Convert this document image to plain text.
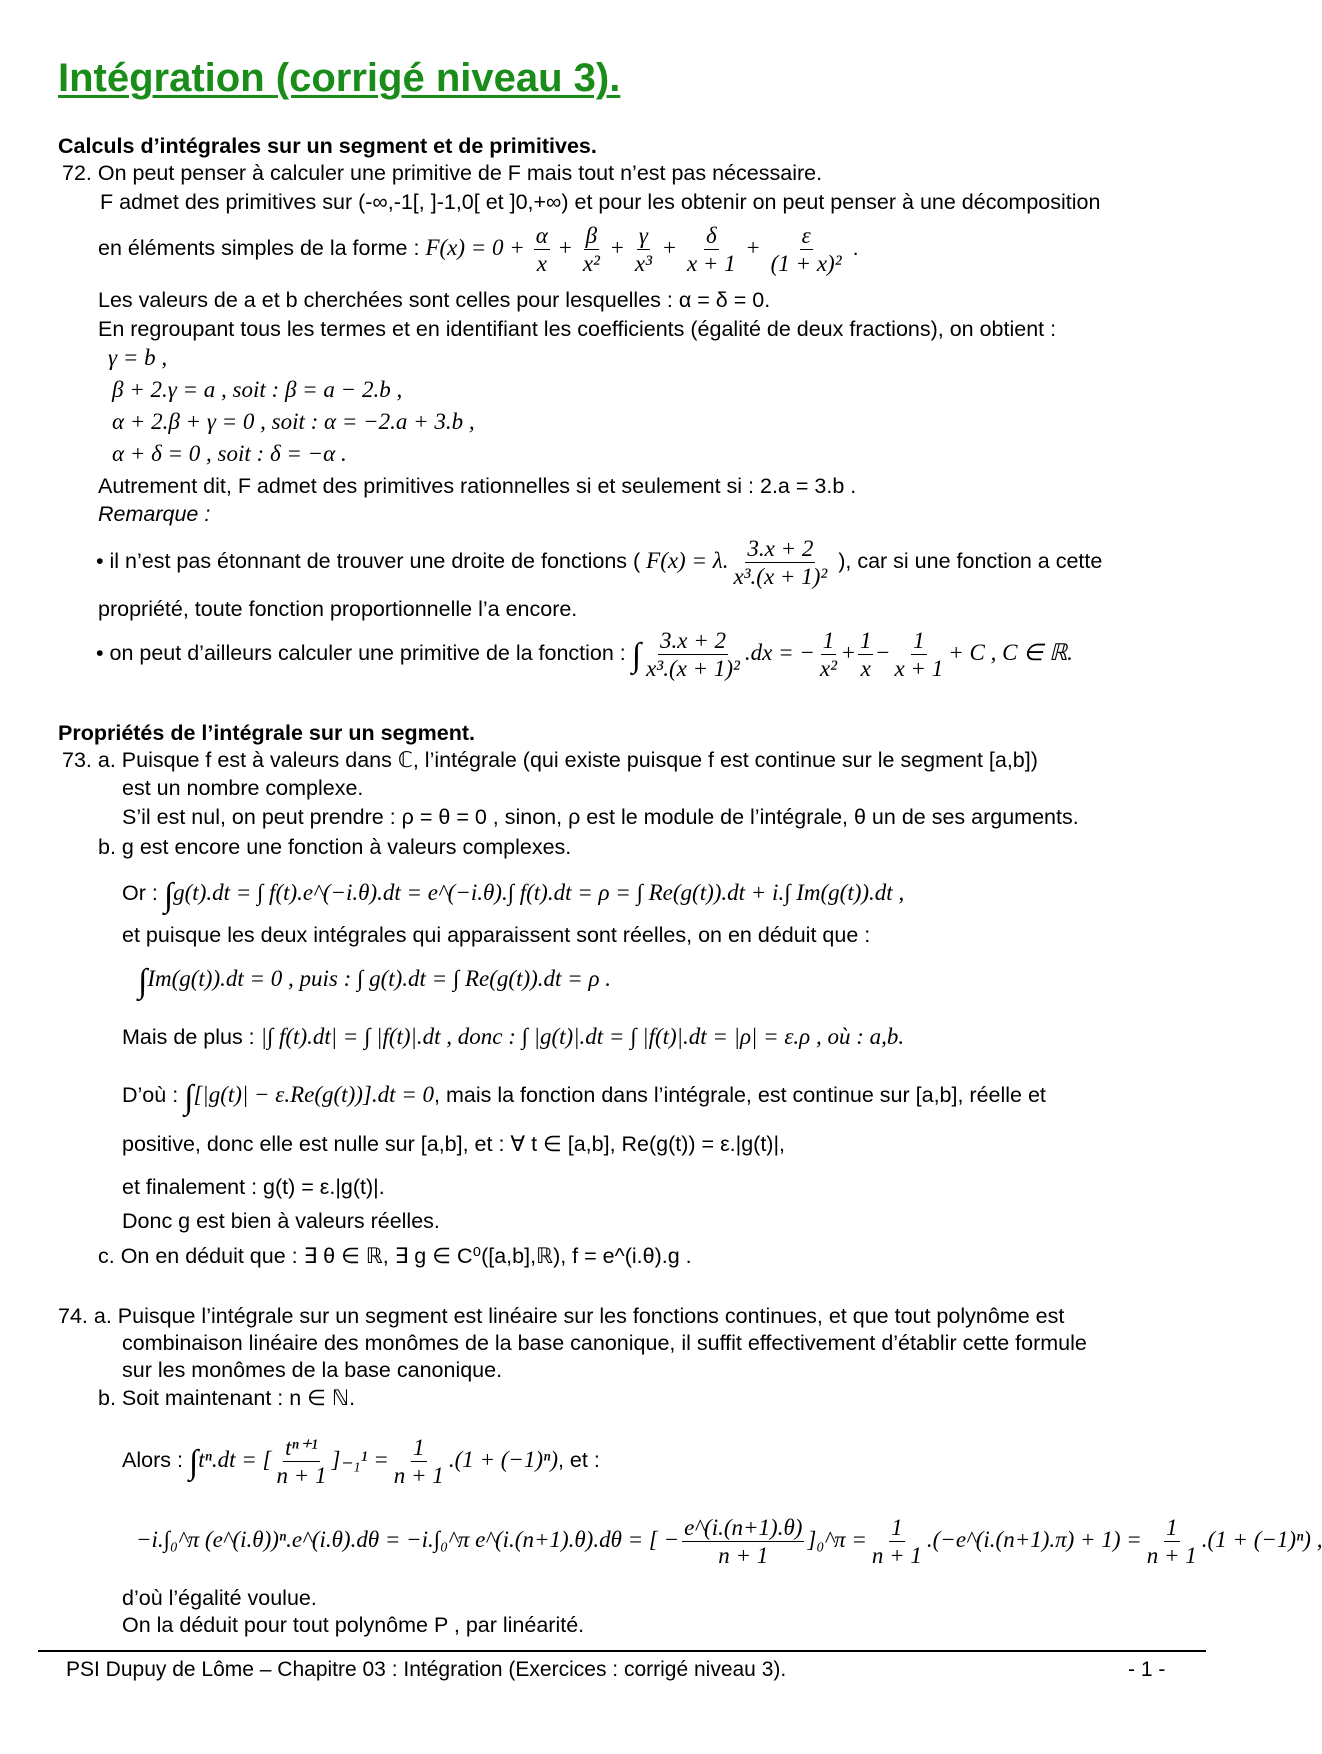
Intégration (corrigé niveau 3).
Calculs d’intégrales sur un segment et de primitives.
72. On peut penser à calculer une primitive de F mais tout n’est pas nécessaire.
F admet des primitives sur (-∞,-1[, ]-1,0[ et ]0,+∞) et pour les obtenir on peut penser à une décomposition
en éléments simples de la forme : $F(x) = 0 + \frac{\alpha}{x} + \frac{\beta}{\text{x²}} + \frac{\gamma}{\text{x³}} + \frac{\delta}{x + 1} + \frac{\varepsilon}{\text{(1 + x)²}}$ .
Les valeurs de a et b cherchées sont celles pour lesquelles : α = δ = 0.
En regroupant tous les termes et en identifiant les coefficients (égalité de deux fractions), on obtient :
γ = b ,
β + 2.γ = a , soit : β = a − 2.b ,
α + 2.β + γ = 0 , soit : α = −2.a + 3.b ,
α + δ = 0 , soit : δ = −α .
Autrement dit, F admet des primitives rationnelles si et seulement si : 2.a = 3.b .
Remarque :
• il n’est pas étonnant de trouver une droite de fonctions ( F(x) = λ. $\frac{3.x + 2}{\text{x³.(x + 1)²}}$ ), car si une fonction a cette
propriété, toute fonction proportionnelle l’a encore.
• on peut d’ailleurs calculer une primitive de la fonction : ∫ $\frac{3.x + 2}{\text{x³.(x + 1)²}} .dx$ = − $\frac{1}{\text{x²}} + \frac{1}{x} - \frac{1}{x + 1} + C$ , C ∈ ℝ.
Propriétés de l’intégrale sur un segment.
73. a. Puisque f est à valeurs dans ℂ, l’intégrale (qui existe puisque f est continue sur le segment [a,b])
est un nombre complexe.
S’il est nul, on peut prendre : ρ = θ = 0 , sinon, ρ est le module de l’intégrale, θ un de ses arguments.
b. g est encore une fonction à valeurs complexes.
Or : ∫g(t).dt = ∫ f(t).e^(−i.θ).dt = e^(−i.θ).∫ f(t).dt = ρ = ∫ Re(g(t)).dt + i.∫ Im(g(t)).dt ,
et puisque les deux intégrales qui apparaissent sont réelles, on en déduit que :
∫Im(g(t)).dt = 0 , puis : ∫ g(t).dt = ∫ Re(g(t)).dt = ρ .
Mais de plus : |∫ f(t).dt| = ∫ |f(t)|.dt , donc : ∫ |g(t)|.dt = ∫ |f(t)|.dt = |ρ| = ε.ρ , où : a,b.
D’où : ∫[|g(t)| − ε.Re(g(t))].dt = 0, mais la fonction dans l’intégrale, est continue sur [a,b], réelle et
positive, donc elle est nulle sur [a,b], et : ∀ t ∈ [a,b], Re(g(t)) = ε.|g(t)|,
et finalement : g(t) = ε.|g(t)|.
Donc g est bien à valeurs réelles.
c. On en déduit que : ∃ θ ∈ ℝ, ∃ g ∈ C⁰([a,b],ℝ), f = e^(i.θ).g .
74. a. Puisque l’intégrale sur un segment est linéaire sur les fonctions continues, et que tout polynôme est
combinaison linéaire des monômes de la base canonique, il suffit effectivement d’établir cette formule
sur les monômes de la base canonique.
b. Soit maintenant : n ∈ ℕ.
Alors : ∫tⁿ.dt = [ $\frac{\text{tⁿ⁺¹}}{n + 1} ]_{-1}^1 = \frac{1}{n + 1} .(1 + (-1)^n)$, et :
−i.∫₀^π (e^(i.θ))ⁿ.e^(i.θ).dθ = −i.∫₀^π e^(i.(n+1).θ).dθ = [ − $\frac{e\^{}(i.(n+1).\theta)}{n + 1}$ ]₀^π = $\frac{1}{n + 1}$ .(−e^(i.(n+1).π) + $1) = \frac{1}{n + 1} .(1 + (-1)^n)$ ,
d’où l’égalité voulue.
On la déduit pour tout polynôme P , par linéarité.
PSI Dupuy de Lôme – Chapitre 03 : Intégration (Exercices : corrigé niveau 3).	- 1 -
